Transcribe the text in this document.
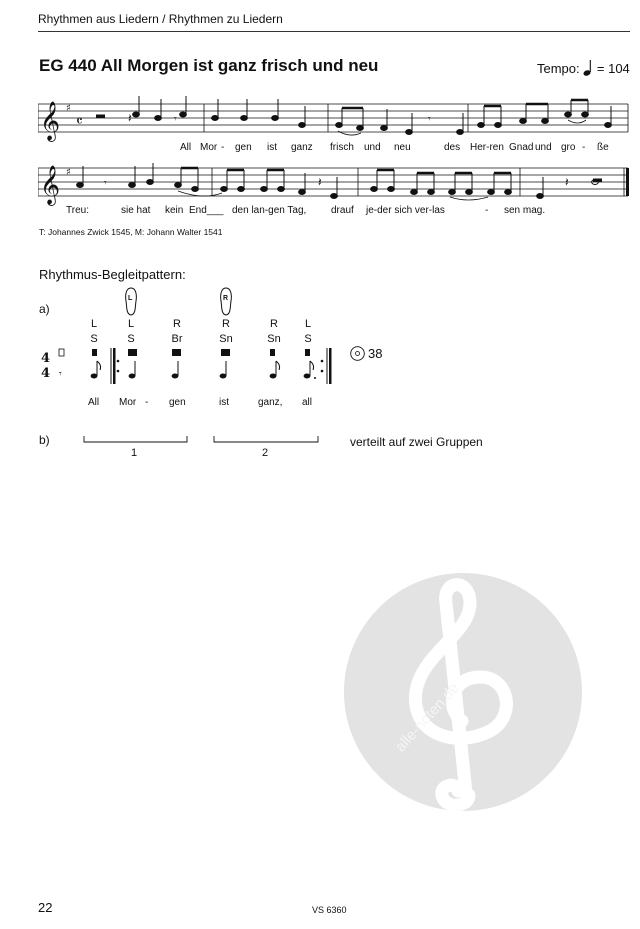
Rhythmen aus Liedern / Rhythmen zu Liedern
alle-noten.de
EG 440 All Morgen ist ganz frisch und neu	Tempo: = 104
𝄞 ♯
𝄴	𝄽	𝄾	𝄾
All Mor - gen ist ganz frisch und neu	des Her-ren Gnad und gro - ße
𝄞 ♯
𝄾	𝄽	𝄽
Treu:	sie hat kein End___ den lan-gen Tag, drauf je-der sich ver-las	- sen mag.
T: Johannes Zwick 1545, M: Johann Walter 1541
Rhythmus-Begleitpattern:
a)
L	R
L	L	R	R	R	L
S	S	Br	Sn	Sn	S
4
4 𝄾
38
All Mor - gen	ist	ganz, all
b)
1	2
verteilt auf zwei Gruppen
22	VS 6360
